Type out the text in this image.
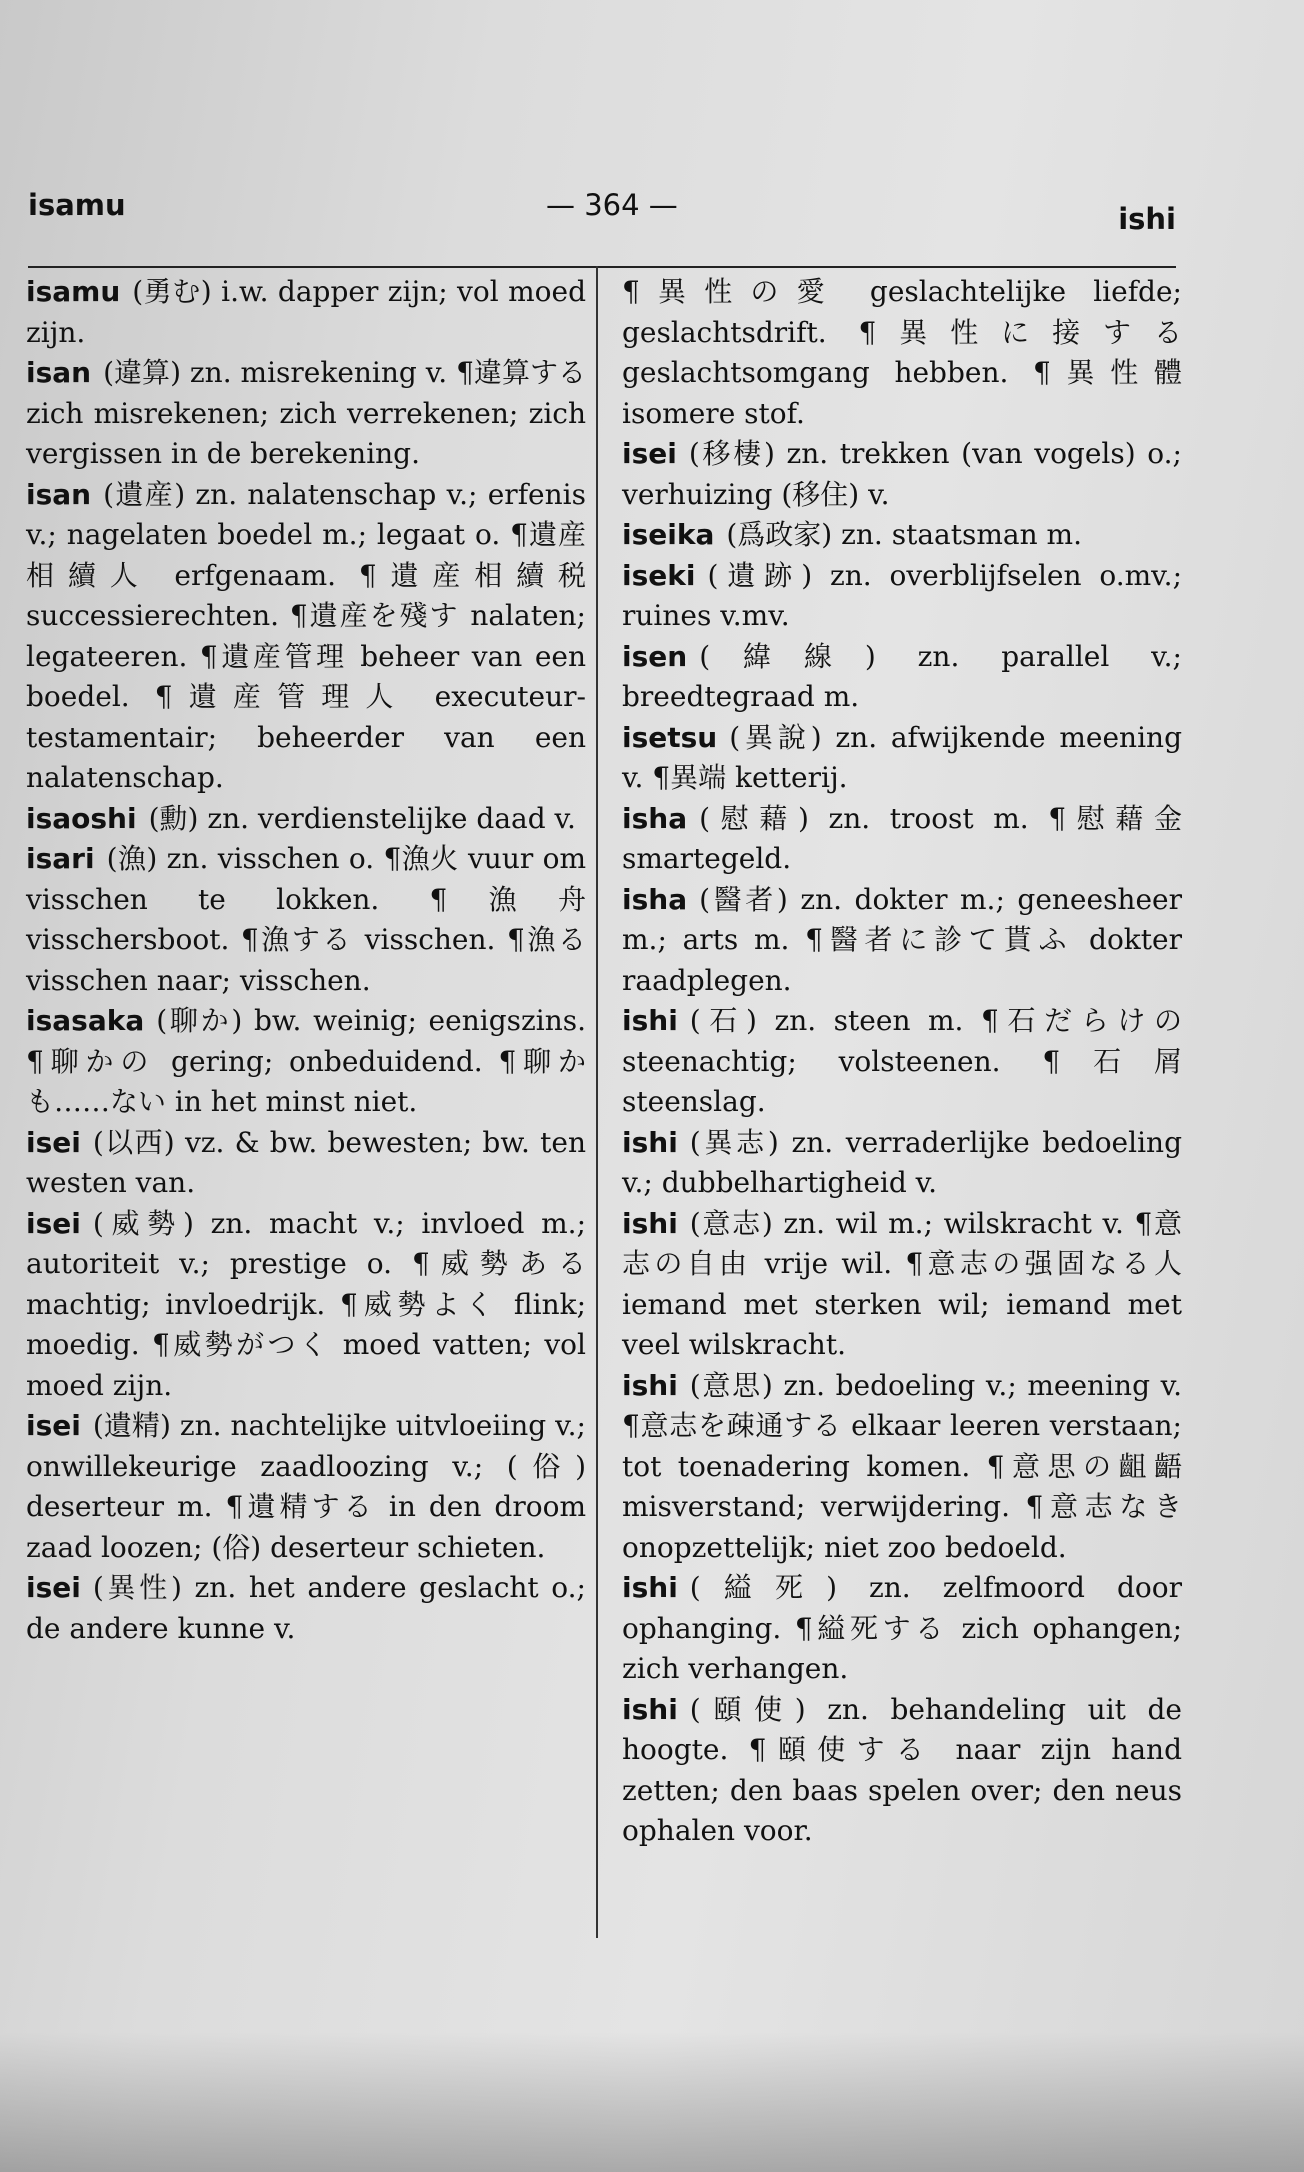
isamu	— 364 —	ishi
isamu (勇む) i.w. dapper zijn; vol moed zijn.
isan (違算) zn. misrekening v. ¶違算する zich misrekenen; zich verrekenen; zich vergissen in de berekening.
isan (遺産) zn. nalatenschap v.; erfenis v.; nagelaten boedel m.; legaat o. ¶遺産相續人 erfgenaam. ¶遺産相續税 successierechten. ¶遺産を殘す nalaten; legateeren. ¶遺産管理 beheer van een boedel. ¶遺産管理人 executeur-testamentair; beheerder van een nalatenschap.
isaoshi (勳) zn. verdienstelijke daad v.
isari (漁) zn. visschen o. ¶漁火 vuur om visschen te lokken. ¶漁舟 visschersboot. ¶漁する visschen. ¶漁る visschen naar; visschen.
isasaka (聊か) bw. weinig; eenigszins. ¶聊かの gering; onbeduidend. ¶聊かも……ない in het minst niet.
isei (以西) vz. & bw. bewesten; bw. ten westen van.
isei (威勢) zn. macht v.; invloed m.; autoriteit v.; prestige o. ¶威勢ある machtig; invloedrijk. ¶威勢よく flink; moedig. ¶威勢がつく moed vatten; vol moed zijn.
isei (遺精) zn. nachtelijke uitvloeiing v.; onwillekeurige zaadloozing v.; (俗) deserteur m. ¶遺精する in den droom zaad loozen; (俗) deserteur schieten.
isei (異性) zn. het andere geslacht o.; de andere kunne v.
¶異性の愛 geslachtelijke liefde; geslachtsdrift. ¶異性に接する geslachtsomgang hebben. ¶異性體 isomere stof.
isei (移棲) zn. trekken (van vogels) o.; verhuizing (移住) v.
iseika (爲政家) zn. staatsman m.
iseki (遺跡) zn. overblijfselen o.mv.; ruines v.mv.
isen (緯線) zn. parallel v.; breedtegraad m.
isetsu (異說) zn. afwijkende meening v. ¶異端 ketterij.
isha (慰藉) zn. troost m. ¶慰藉金 smartegeld.
isha (醫者) zn. dokter m.; geneesheer m.; arts m. ¶醫者に診て貰ふ dokter raadplegen.
ishi (石) zn. steen m. ¶石だらけの steenachtig; volsteenen. ¶石屑 steenslag.
ishi (異志) zn. verraderlijke bedoeling v.; dubbelhartigheid v.
ishi (意志) zn. wil m.; wilskracht v. ¶意志の自由 vrije wil. ¶意志の强固なる人 iemand met sterken wil; iemand met veel wilskracht.
ishi (意思) zn. bedoeling v.; meening v. ¶意志を疎通する elkaar leeren verstaan; tot toenadering komen. ¶意思の齟齬 misverstand; verwijdering. ¶意志なき onopzettelijk; niet zoo bedoeld.
ishi (縊死) zn. zelfmoord door ophanging. ¶縊死する zich ophangen; zich verhangen.
ishi (頤使) zn. behandeling uit de hoogte. ¶頤使する naar zijn hand zetten; den baas spelen over; den neus ophalen voor.
